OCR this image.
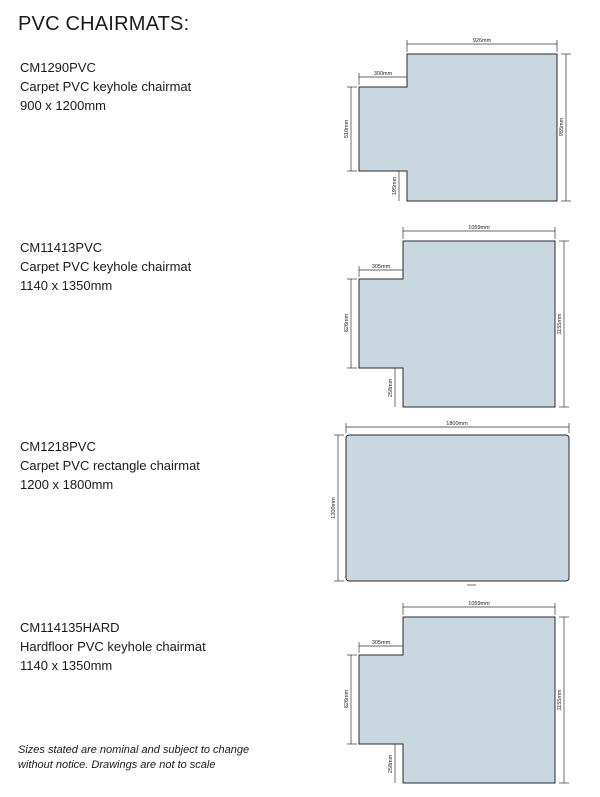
PVC CHAIRMATS:
CM1290PVC
Carpet PVC keyhole chairmat
900 x 1200mm
CM11413PVC
Carpet PVC keyhole chairmat
1140 x 1350mm
CM1218PVC
Carpet PVC rectangle chairmat
1200 x 1800mm
CM114135HARD
Hardfloor PVC keyhole chairmat
1140 x 1350mm
926mm
300mm
510mm	955mm
195mm
1059mm
305mm
626mm	1155mm
258mm
1800mm
1200mm
1059mm
305mm
626mm	1155mm
258mm
Sizes stated are nominal and subject to change without notice. Drawings are not to scale
